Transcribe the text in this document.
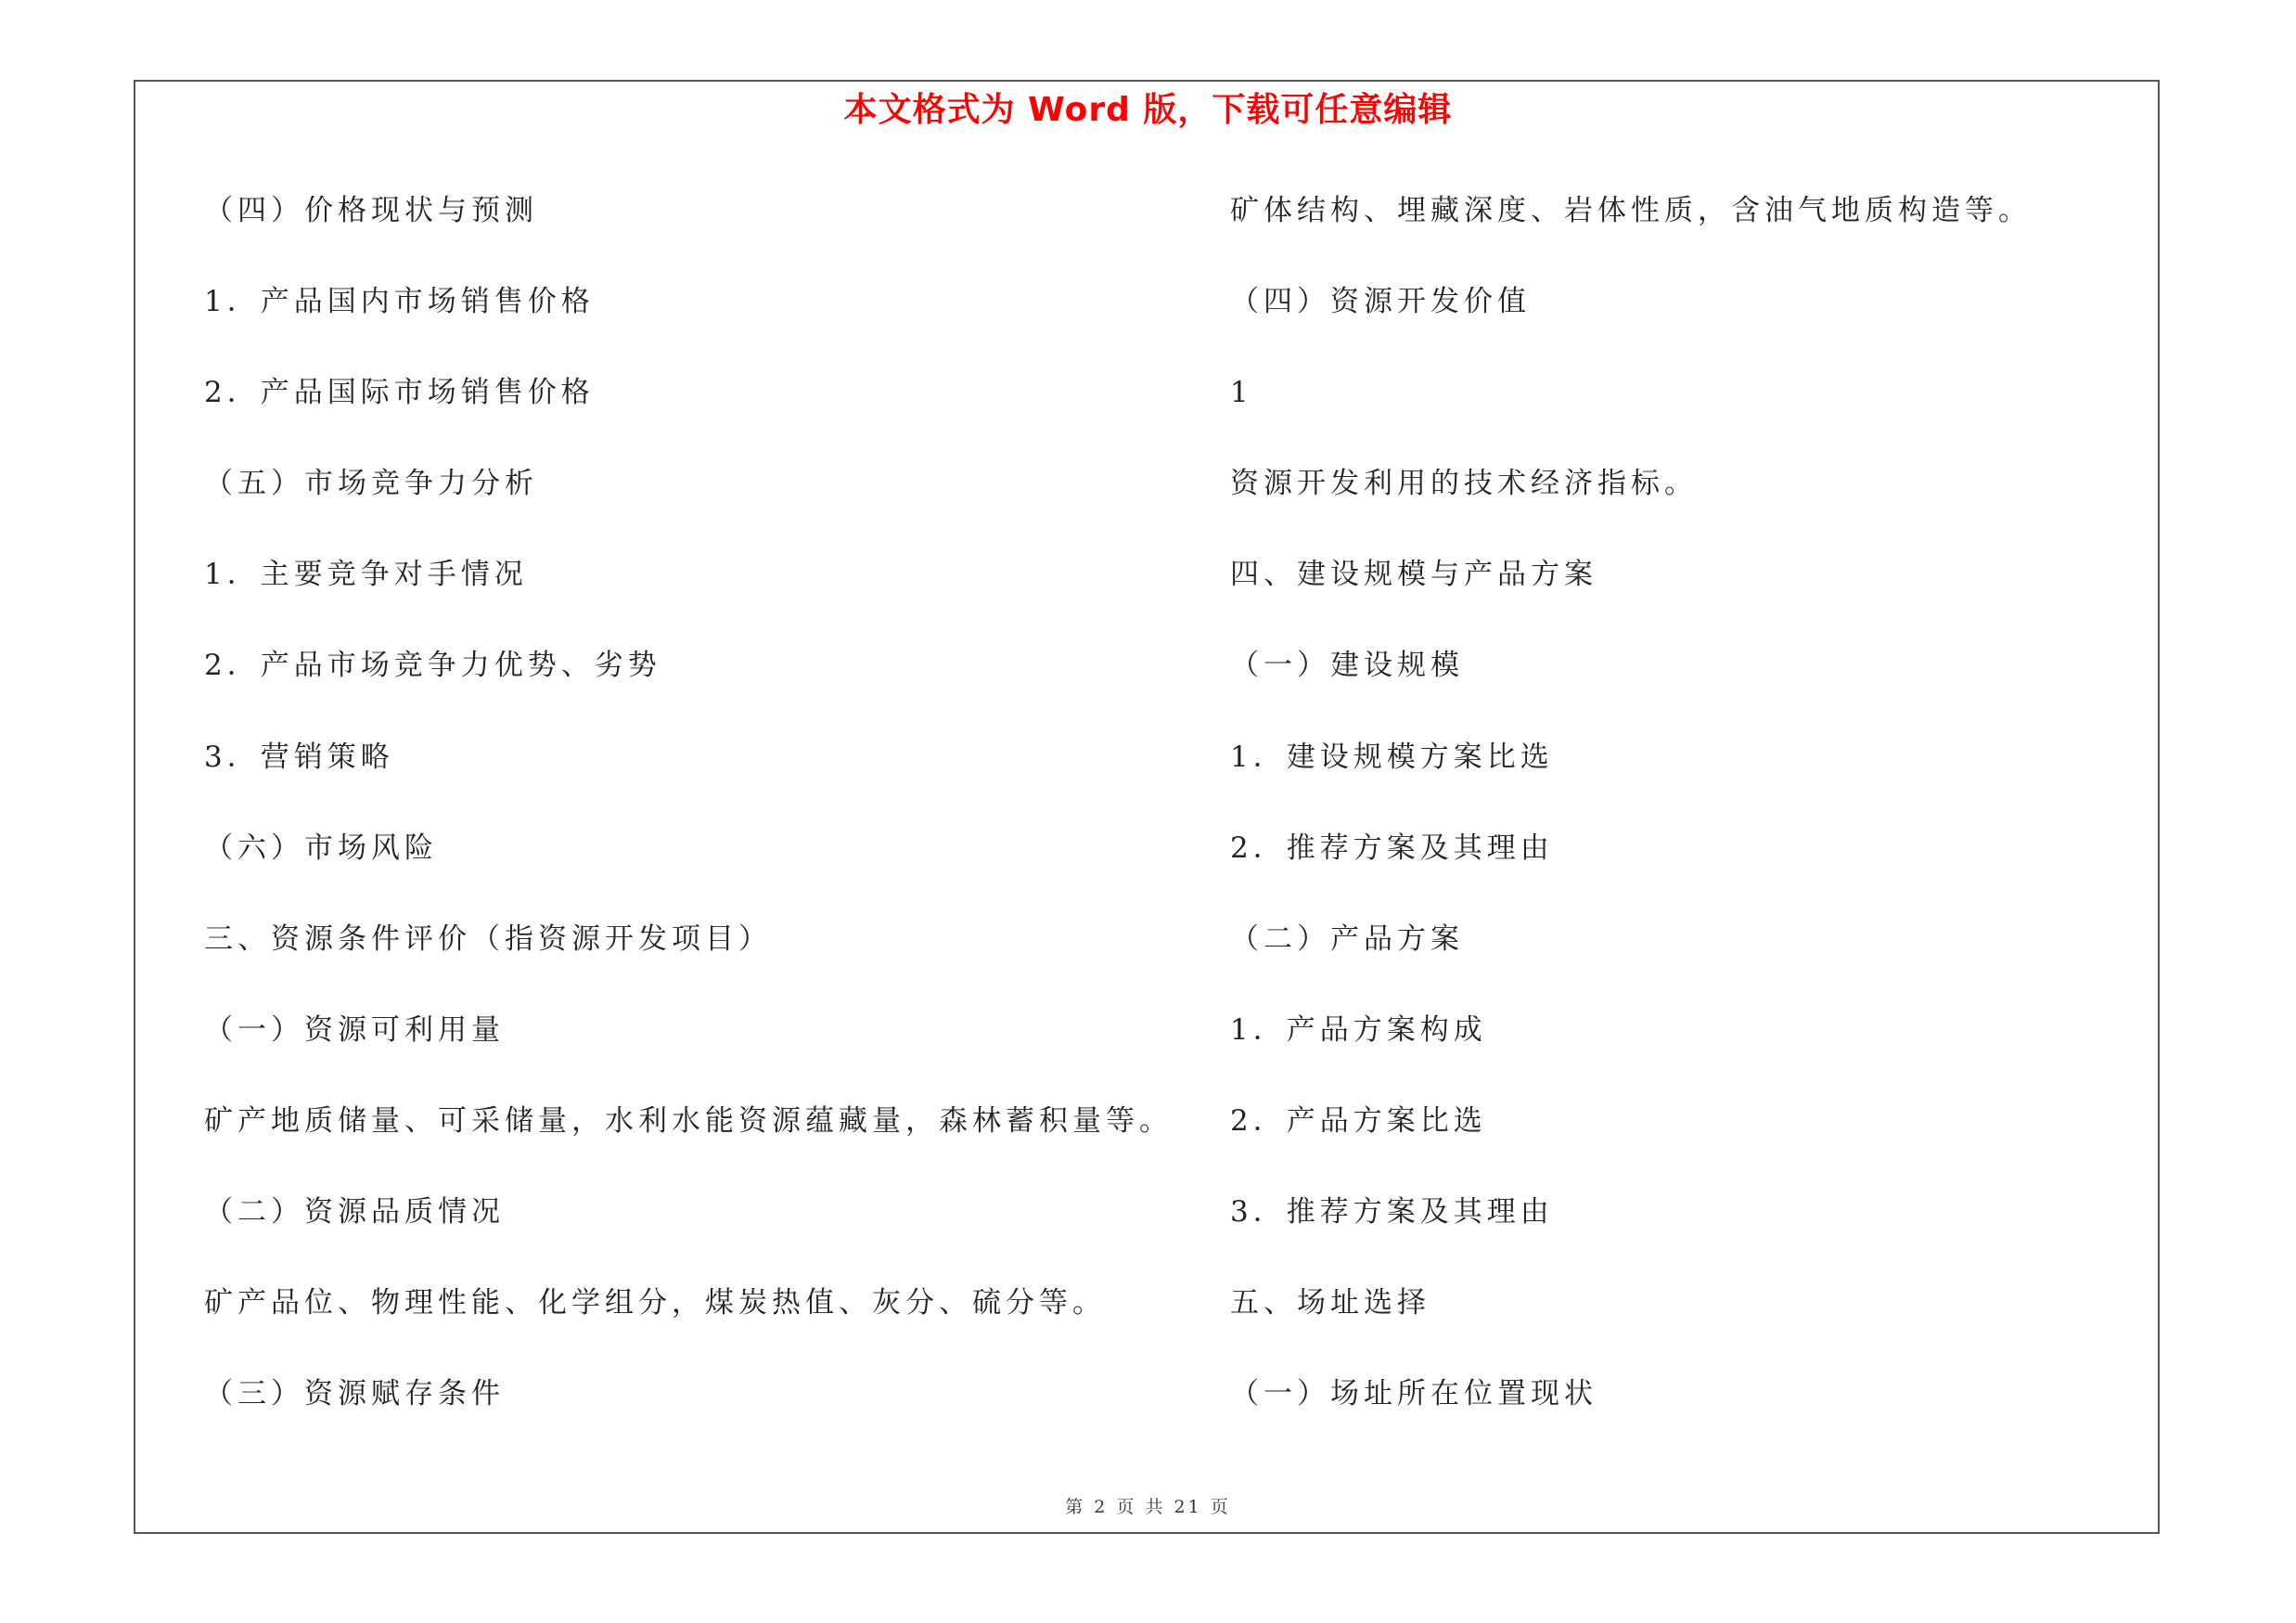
本文格式为 Word 版，下载可任意编辑
（四）价格现状与预测
1．产品国内市场销售价格
2．产品国际市场销售价格
（五）市场竞争力分析
1．主要竞争对手情况
2．产品市场竞争力优势、劣势
3．营销策略
（六）市场风险
三、资源条件评价（指资源开发项目）
（一）资源可利用量
矿产地质储量、可采储量，水利水能资源蕴藏量，森林蓄积量等。
（二）资源品质情况
矿产品位、物理性能、化学组分，煤炭热值、灰分、硫分等。
（三）资源赋存条件
矿体结构、埋藏深度、岩体性质，含油气地质构造等。
（四）资源开发价值
1
资源开发利用的技术经济指标。
四、建设规模与产品方案
（一）建设规模
1．建设规模方案比选
2．推荐方案及其理由
（二）产品方案
1．产品方案构成
2．产品方案比选
3．推荐方案及其理由
五、场址选择
（一）场址所在位置现状
第 2 页 共 21 页
